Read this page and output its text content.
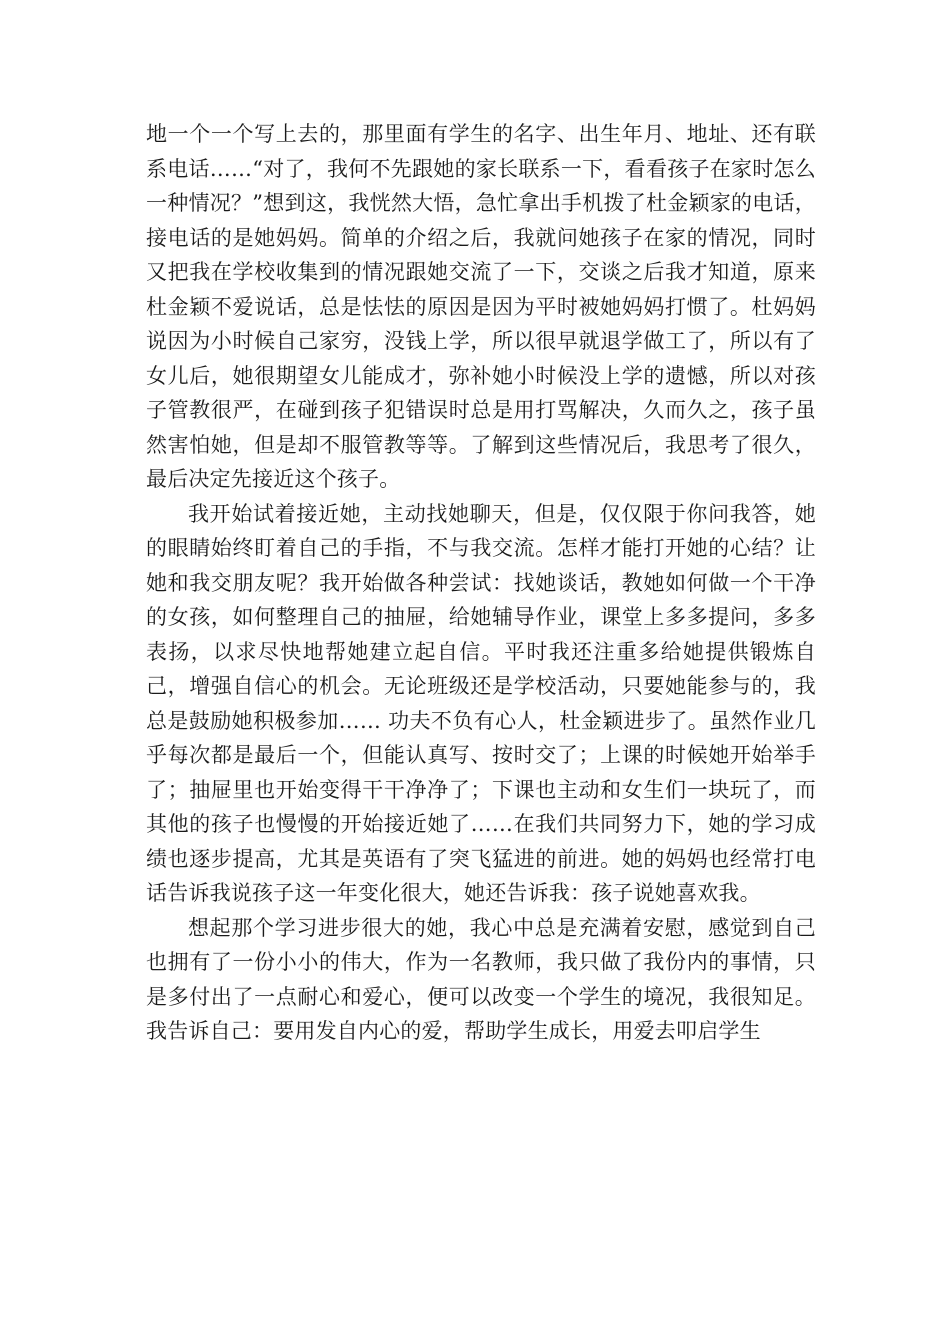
地一个一个写上去的，那里面有学生的名字、出生年月、地址、还有联系电话……“对了，我何不先跟她的家长联系一下，看看孩子在家时怎么一种情况？”想到这，我恍然大悟，急忙拿出手机拨了杜金颖家的电话，接电话的是她妈妈。简单的介绍之后，我就问她孩子在家的情况，同时又把我在学校收集到的情况跟她交流了一下，交谈之后我才知道，原来杜金颖不爱说话，总是怯怯的原因是因为平时被她妈妈打惯了。杜妈妈说因为小时候自己家穷，没钱上学，所以很早就退学做工了，所以有了女儿后，她很期望女儿能成才，弥补她小时候没上学的遗憾，所以对孩子管教很严，在碰到孩子犯错误时总是用打骂解决，久而久之，孩子虽然害怕她，但是却不服管教等等。了解到这些情况后，我思考了很久，最后决定先接近这个孩子。

我开始试着接近她，主动找她聊天，但是，仅仅限于你问我答，她的眼睛始终盯着自己的手指，不与我交流。怎样才能打开她的心结？让她和我交朋友呢？我开始做各种尝试：找她谈话，教她如何做一个干净的女孩，如何整理自己的抽屉，给她辅导作业，课堂上多多提问，多多表扬，以求尽快地帮她建立起自信。平时我还注重多给她提供锻炼自己，增强自信心的机会。无论班级还是学校活动，只要她能参与的，我总是鼓励她积极参加…… 功夫不负有心人，杜金颖进步了。虽然作业几乎每次都是最后一个，但能认真写、按时交了；上课的时候她开始举手了；抽屉里也开始变得干干净净了；下课也主动和女生们一块玩了，而其他的孩子也慢慢的开始接近她了……在我们共同努力下，她的学习成绩也逐步提高，尤其是英语有了突飞猛进的前进。她的妈妈也经常打电话告诉我说孩子这一年变化很大，她还告诉我：孩子说她喜欢我。

想起那个学习进步很大的她，我心中总是充满着安慰，感觉到自己也拥有了一份小小的伟大，作为一名教师，我只做了我份内的事情，只是多付出了一点耐心和爱心，便可以改变一个学生的境况，我很知足。我告诉自己：要用发自内心的爱，帮助学生成长，用爱去叩启学生
